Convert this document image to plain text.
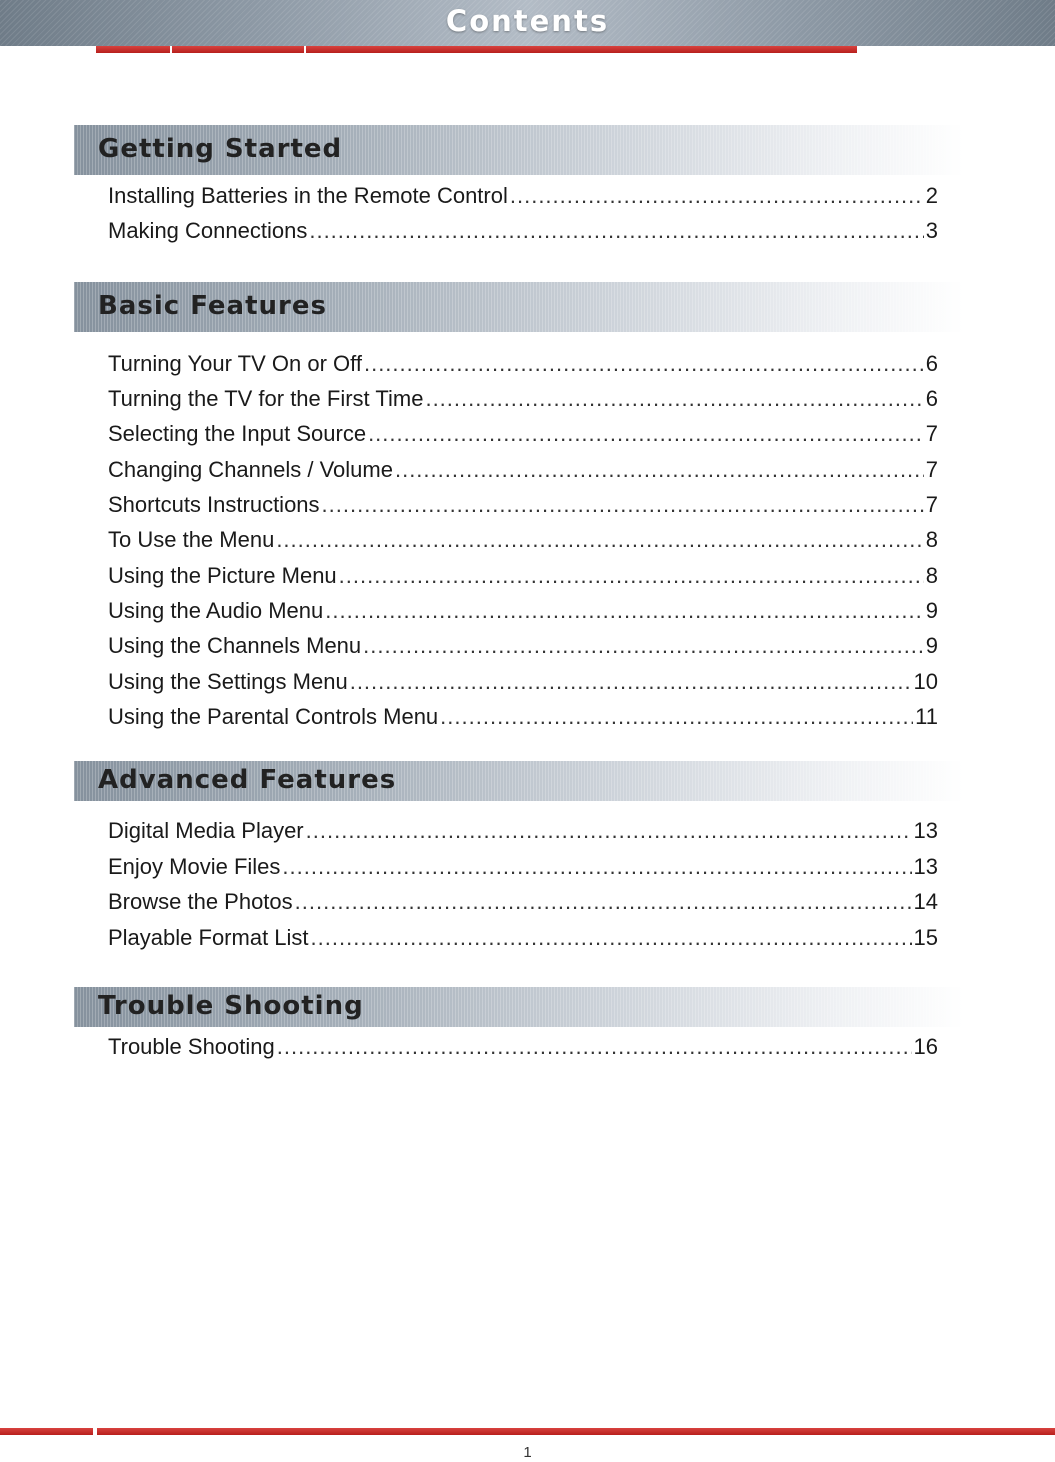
Contents
Getting Started
Installing Batteries in the Remote Control .....	2
Making Connections .....	3
Basic Features
Turning Your TV On or Off .....	6
Turning the TV for the First Time .....	6
Selecting the Input Source .....	7
Changing Channels / Volume .....	7
Shortcuts Instructions .....	7
To Use the Menu .....	8
Using the Picture Menu .....	8
Using the Audio Menu .....	9
Using the Channels Menu .....	9
Using the Settings Menu .....	10
Using the Parental Controls Menu .....	11
Advanced Features
Digital Media Player .....	13
Enjoy Movie Files .....	13
Browse the Photos .....	14
Playable Format List .....	15
Trouble Shooting
Trouble Shooting .....	16
1
